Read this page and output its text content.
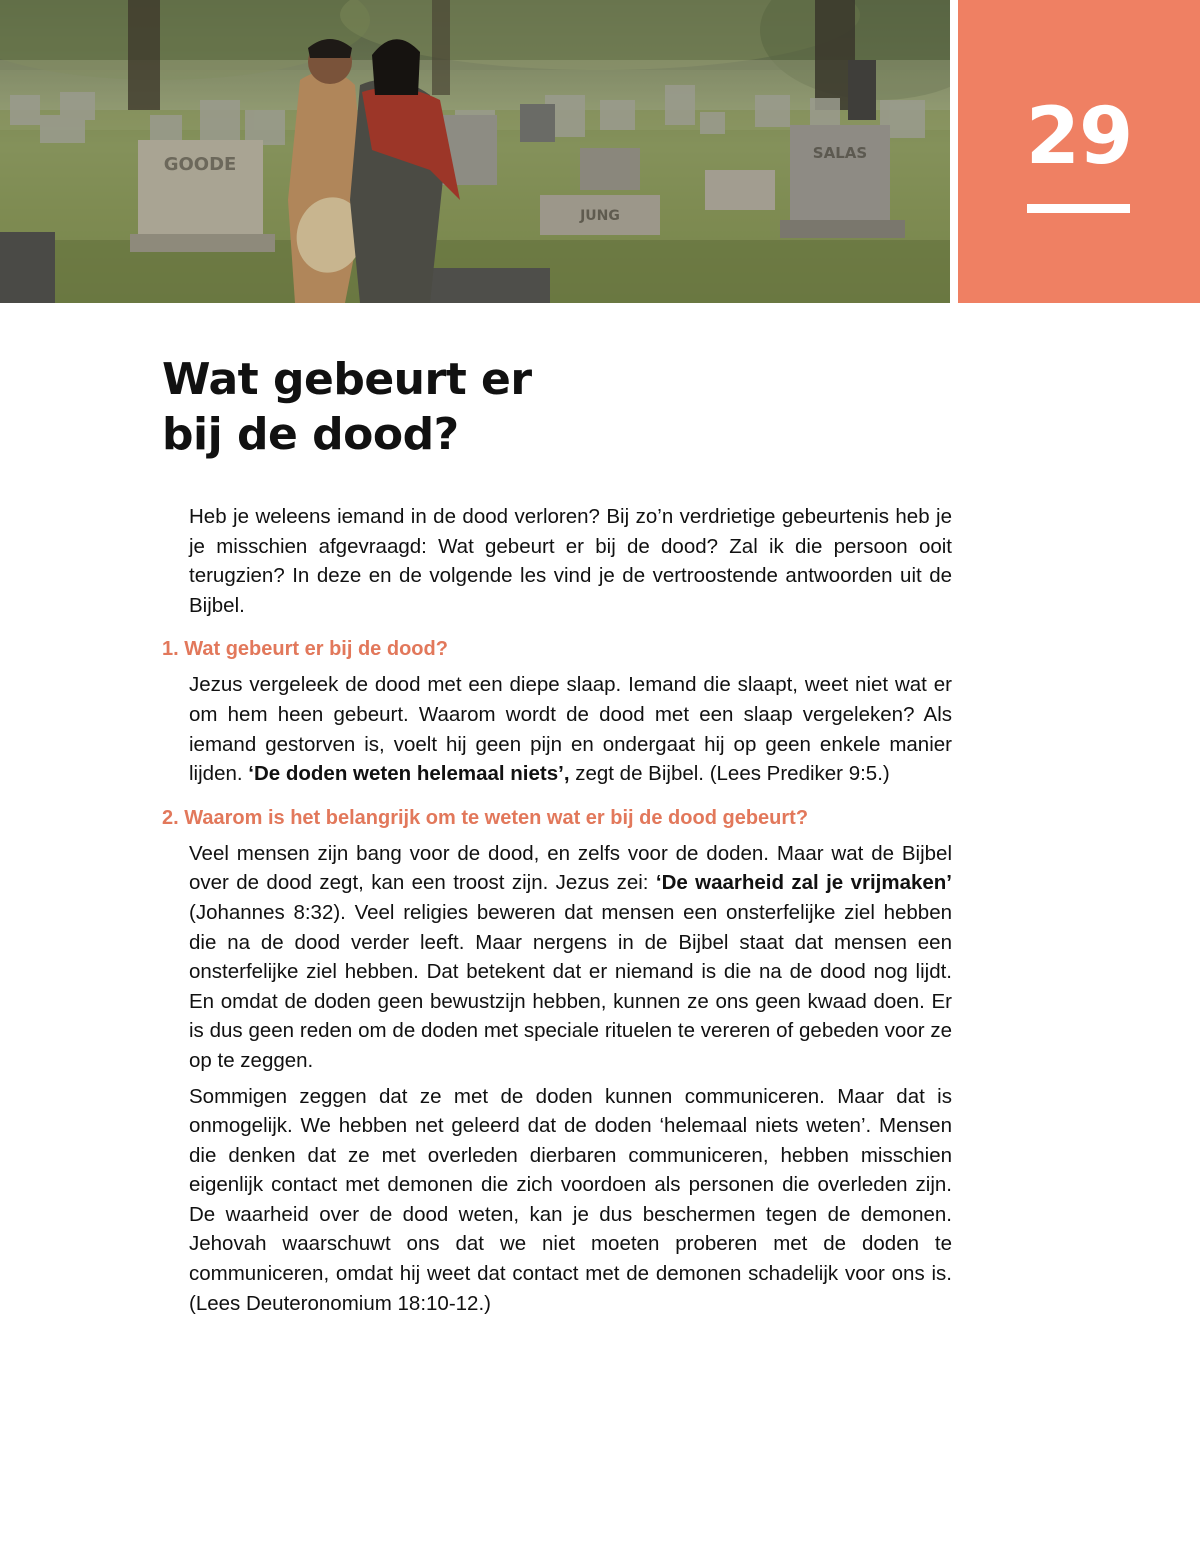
GOODE
JUNG
SALAS	29
Wat gebeurt er
bij de dood?

Heb je weleens iemand in de dood verloren? Bij zo’n verdrietige gebeurtenis heb je je misschien afgevraagd: Wat gebeurt er bij de dood? Zal ik die persoon ooit terugzien? In deze en de volgende les vind je de vertroostende antwoorden uit de Bijbel.

1. Wat gebeurt er bij de dood?

Jezus vergeleek de dood met een diepe slaap. Iemand die slaapt, weet niet wat er om hem heen gebeurt. Waarom wordt de dood met een slaap vergeleken? Als iemand gestorven is, voelt hij geen pijn en ondergaat hij op geen enkele manier lijden. ‘De doden weten helemaal niets’, zegt de Bijbel. (Lees Prediker 9:5.)

2. Waarom is het belangrijk om te weten wat er bij de dood gebeurt?

Veel mensen zijn bang voor de dood, en zelfs voor de doden. Maar wat de Bijbel over de dood zegt, kan een troost zijn. Jezus zei: ‘De waarheid zal je vrijmaken’ (Johannes 8:32). Veel religies beweren dat mensen een onsterfelijke ziel hebben die na de dood verder leeft. Maar nergens in de Bijbel staat dat mensen een onsterfelijke ziel hebben. Dat betekent dat er niemand is die na de dood nog lijdt. En omdat de doden geen bewustzijn hebben, kunnen ze ons geen kwaad doen. Er is dus geen reden om de doden met speciale rituelen te vereren of gebeden voor ze op te zeggen.

Sommigen zeggen dat ze met de doden kunnen communiceren. Maar dat is onmogelijk. We hebben net geleerd dat de doden ‘helemaal niets weten’. Mensen die denken dat ze met overleden dierbaren communiceren, hebben misschien eigenlijk contact met demonen die zich voordoen als personen die overleden zijn. De waarheid over de dood weten, kan je dus beschermen tegen de demonen. Jehovah waarschuwt ons dat we niet moeten proberen met de doden te communiceren, omdat hij weet dat contact met de demonen schadelijk voor ons is. (Lees Deuteronomium 18:10-12.)
